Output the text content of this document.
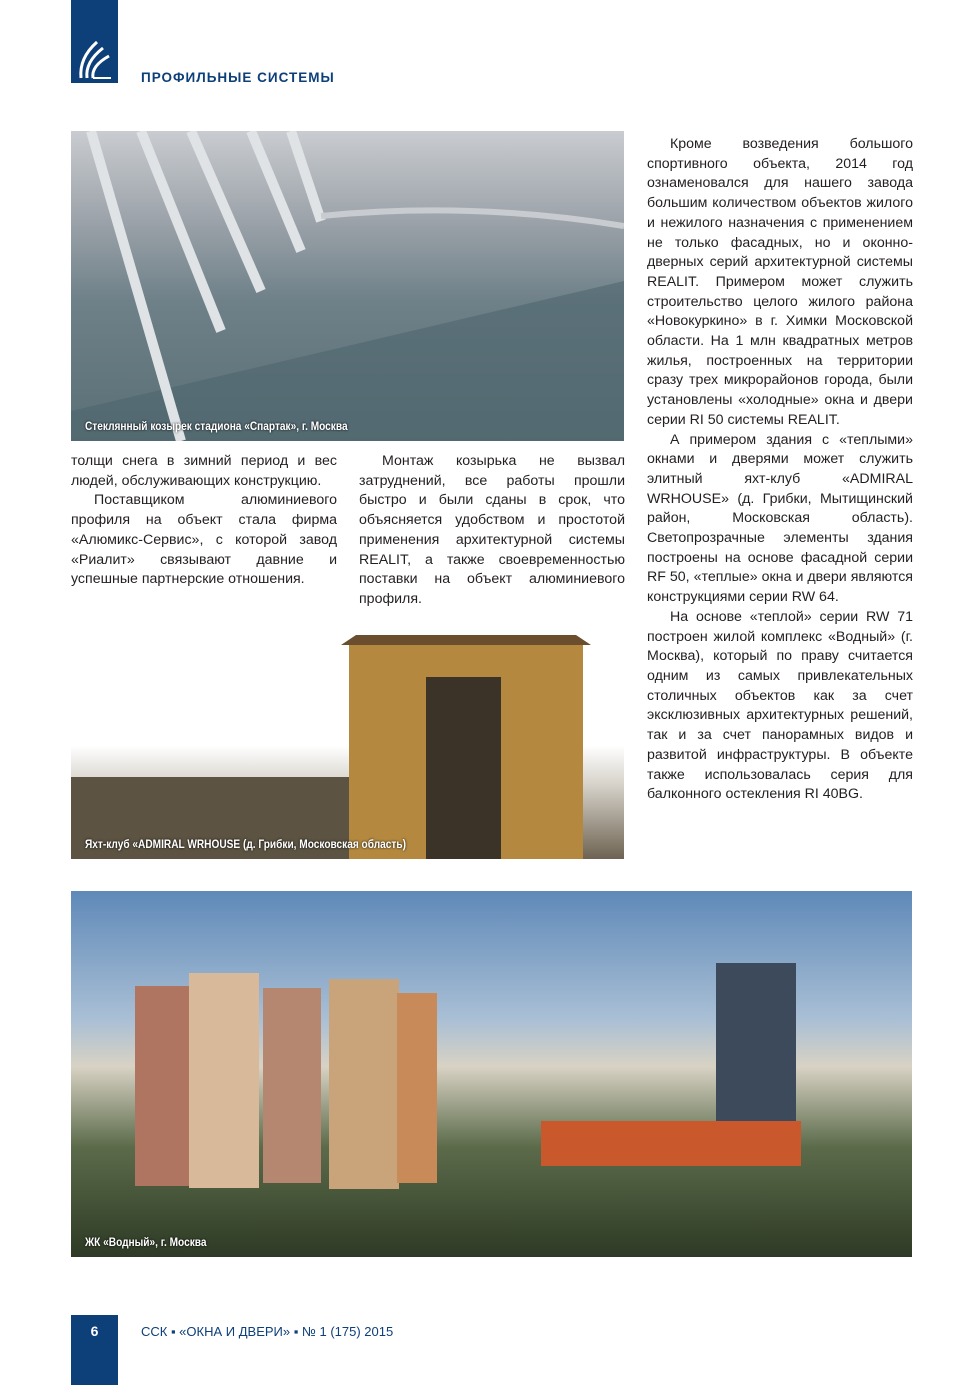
ПРОФИЛЬНЫЕ СИСТЕМЫ
Стеклянный козырек стадиона «Спартак», г. Москва

толщи снега в зимний период и вес людей, обслуживающих конструкцию.

Поставщиком алюминиевого профиля на объект стала фирма «Алюмикс-Сервис», с которой завод «Риалит» связывают давние и успешные партнерские отношения.

Монтаж козырька не вызвал затруднений, все работы прошли быстро и были сданы в срок, что объясняется удобством и простотой применения архитектурной системы REALIT, а также своевременностью поставки на объект алюминиевого профиля.

Яхт-клуб «ADMIRAL WRHOUSE (д. Грибки, Московская область)

Кроме возведения большого спортивного объекта, 2014 год ознаменовался для нашего завода большим количеством объектов жилого и нежилого назначения с применением не только фасадных, но и оконно-дверных серий архитектурной системы REALIT. Примером может служить строительство целого жилого района «Новокуркино» в г. Химки Московской области. На 1 млн квадратных метров жилья, построенных на территории сразу трех микрорайонов города, были установлены «холодные» окна и двери серии RI 50 системы REALIT.

А примером здания с «теплыми» окнами и дверями может служить элитный яхт-клуб «ADMIRAL WRHOUSE» (д. Грибки, Мытищинский район, Московская область). Светопрозрачные элементы здания построены на основе фасадной серии RF 50, «теплые» окна и двери являются конструкциями серии RW 64.

На основе «теплой» серии RW 71 построен жилой комплекс «Водный» (г. Москва), который по праву считается одним из самых привлекательных столичных объектов как за счет эксклюзивных архитектурных решений, так и за счет панорамных видов и развитой инфраструктуры. В объекте также использовалась серия для балконного остекления RI 40BG.

ЖК «Водный», г. Москва
6	ССК ▪ «ОКНА И ДВЕРИ» ▪ № 1 (175) 2015
